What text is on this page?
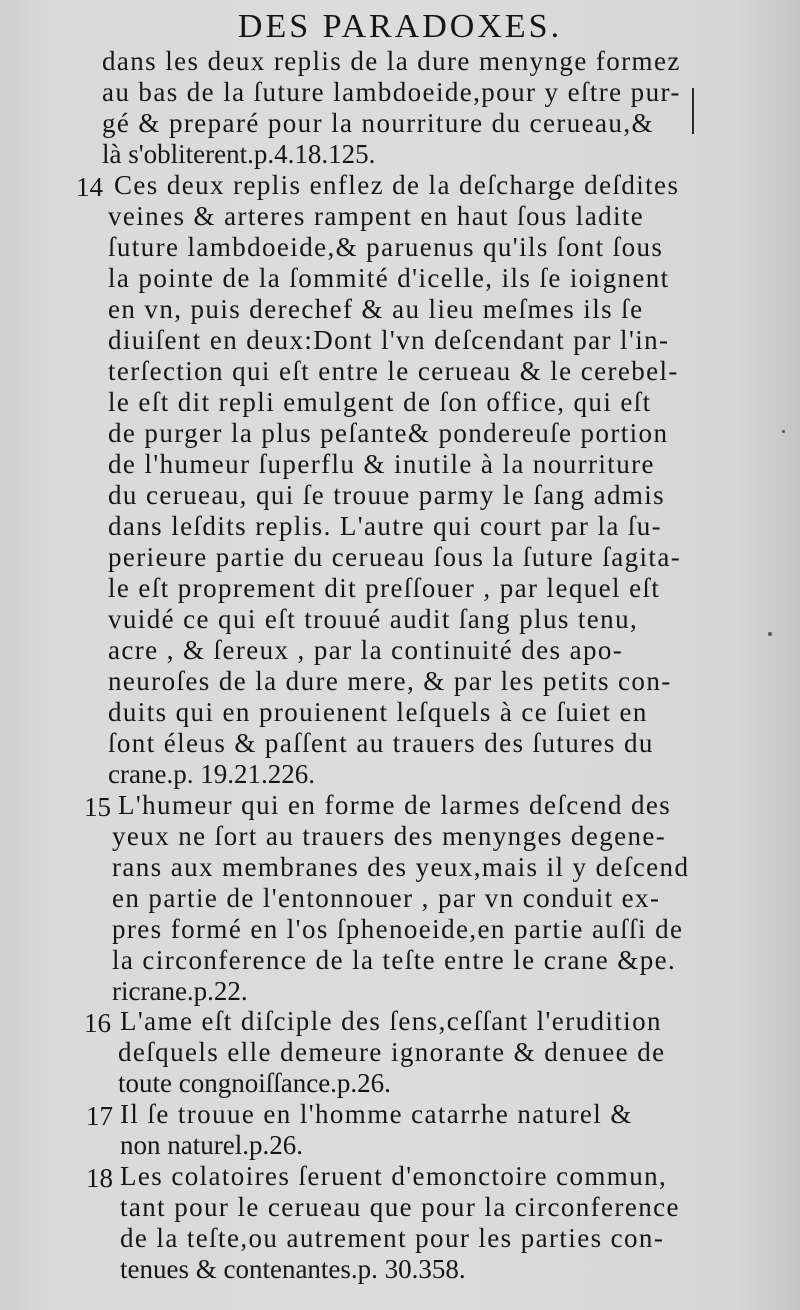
DES PARADOXES.
dans les deux replis de la dure menynge formez
au bas de la ſuture lambdoeide,pour y eſtre pur-
gé & preparé pour la nourriture du cerueau,&
là s'obliterent.p.4.18.125.
14 Ces deux replis enflez de la deſcharge deſdites
veines & arteres rampent en haut ſous ladite
ſuture lambdoeide,& paruenus qu'ils ſont ſous
la pointe de la ſommité d'icelle, ils ſe ioignent
en vn, puis derechef & au lieu meſmes ils ſe
diuiſent en deux:Dont l'vn deſcendant par l'in-
terſection qui eſt entre le cerueau & le cerebel-
le eſt dit repli emulgent de ſon office, qui eſt
de purger la plus peſante& pondereuſe portion
de l'humeur ſuperflu & inutile à la nourriture
du cerueau, qui ſe trouue parmy le ſang admis
dans leſdits replis. L'autre qui court par la ſu-
perieure partie du cerueau ſous la ſuture ſagita-
le eſt proprement dit preſſouer , par lequel eſt
vuidé ce qui eſt trouué audit ſang plus tenu,
acre , & ſereux , par la continuité des apo-
neuroſes de la dure mere, & par les petits con-
duits qui en prouienent leſquels à ce ſuiet en
ſont éleus & paſſent au trauers des ſutures du
crane.p. 19.21.226.
15 L'humeur qui en forme de larmes deſcend des
yeux ne ſort au trauers des menynges degene-
rans aux membranes des yeux,mais il y deſcend
en partie de l'entonnouer , par vn conduit ex-
pres formé en l'os ſphenoeide,en partie auſſi de
la circonference de la teſte entre le crane &pe.
ricrane.p.22.
16 L'ame eſt diſciple des ſens,ceſſant l'erudition
deſquels elle demeure ignorante & denuee de
toute congnoiſſance.p.26.
17 Il ſe trouue en l'homme catarrhe naturel &
non naturel.p.26.
18 Les colatoires ſeruent d'emonctoire commun,
tant pour le cerueau que pour la circonference
de la teſte,ou autrement pour les parties con-
tenues & contenantes.p. 30.358.
